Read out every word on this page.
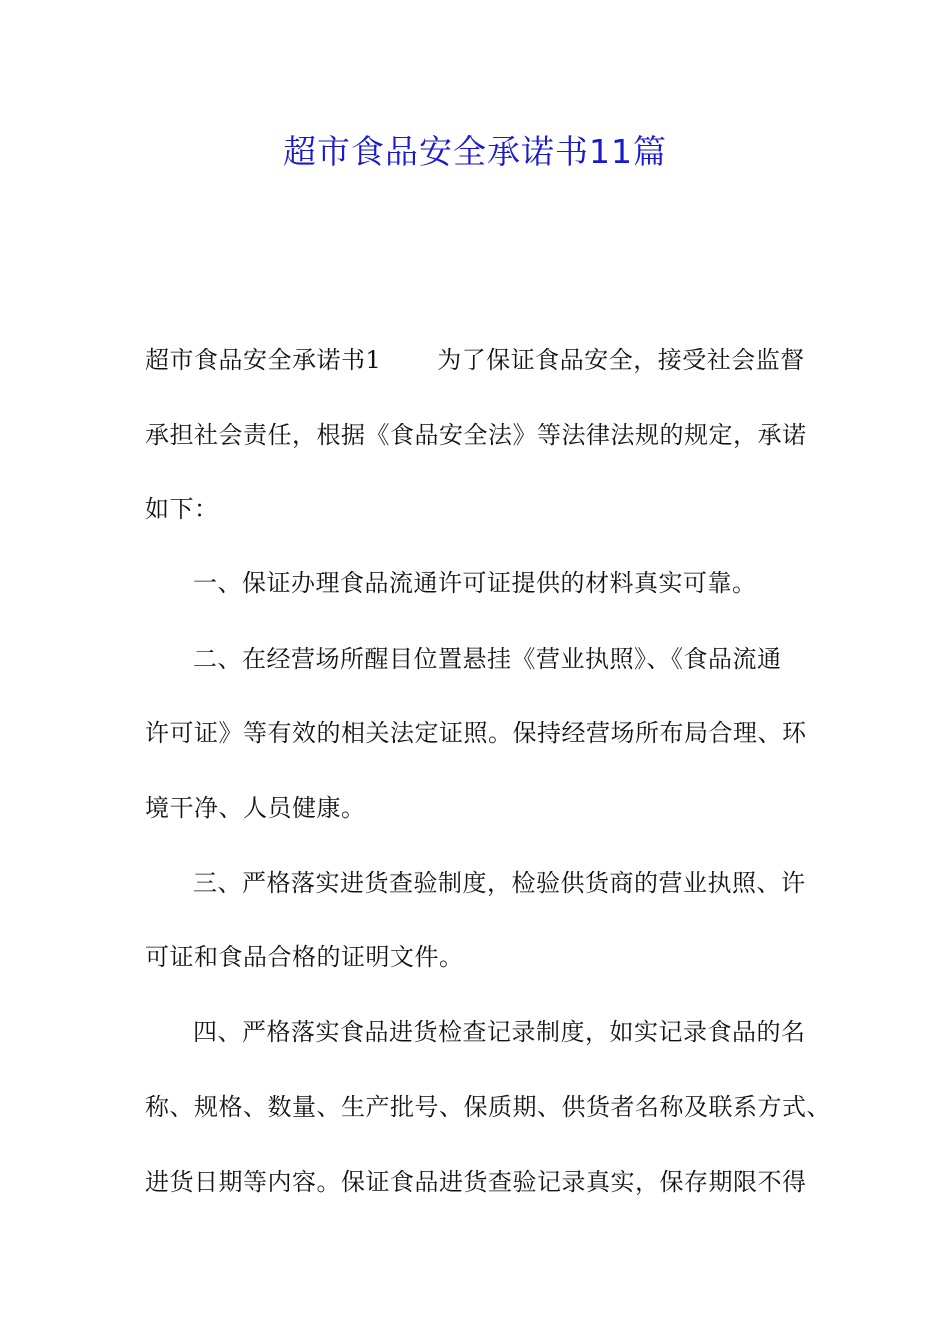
超市食品安全承诺书11篇
超市食品安全承诺书1 为了保证食品安全，接受社会监督
承担社会责任，根据《食品安全法》等法律法规的规定，承诺
如下：
一、保证办理食品流通许可证提供的材料真实可靠。
二、在经营场所醒目位置悬挂《营业执照》、《食品流通
许可证》等有效的相关法定证照。保持经营场所布局合理、环
境干净、人员健康。
三、严格落实进货查验制度，检验供货商的营业执照、许
可证和食品合格的证明文件。
四、严格落实食品进货检查记录制度，如实记录食品的名
称、规格、数量、生产批号、保质期、供货者名称及联系方式、
进货日期等内容。保证食品进货查验记录真实，保存期限不得
